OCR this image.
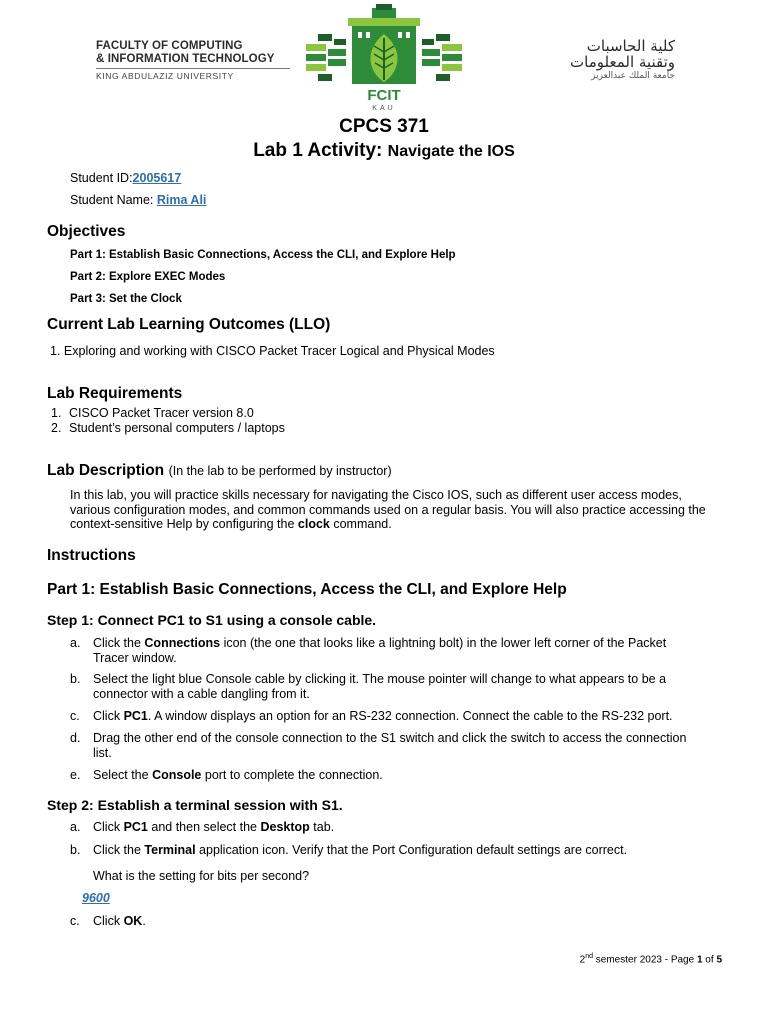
FACULTY OF COMPUTING
& INFORMATION TECHNOLOGY
KING ABDULAZIZ UNIVERSITY
FCIT
KAU
كلية الحاسبات
وتقنية المعلومات
جامعة الملك عبدالعزيز
CPCS 371
Lab 1 Activity: Navigate the IOS
Student ID:2005617
Student Name: Rima Ali
Objectives
Part 1: Establish Basic Connections, Access the CLI, and Explore Help
Part 2: Explore EXEC Modes
Part 3: Set the Clock
Current Lab Learning Outcomes (LLO)
1. Exploring and working with CISCO Packet Tracer Logical and Physical Modes
Lab Requirements
1. CISCO Packet Tracer version 8.0
2. Student’s personal computers / laptops
Lab Description (In the lab to be performed by instructor)
In this lab, you will practice skills necessary for navigating the Cisco IOS, such as different user access modes, various configuration modes, and common commands used on a regular basis. You will also practice accessing the context-sensitive Help by configuring the clock command.
Instructions
Part 1: Establish Basic Connections, Access the CLI, and Explore Help
Step 1: Connect PC1 to S1 using a console cable.
a. Click the Connections icon (the one that looks like a lightning bolt) in the lower left corner of the Packet Tracer window.
b. Select the light blue Console cable by clicking it. The mouse pointer will change to what appears to be a connector with a cable dangling from it.
c. Click PC1. A window displays an option for an RS-232 connection. Connect the cable to the RS-232 port.
d. Drag the other end of the console connection to the S1 switch and click the switch to access the connection list.
e. Select the Console port to complete the connection.
Step 2: Establish a terminal session with S1.
a. Click PC1 and then select the Desktop tab.
b. Click the Terminal application icon. Verify that the Port Configuration default settings are correct.
What is the setting for bits per second?
9600
c. Click OK.
2nd semester 2023 - Page 1 of 5
